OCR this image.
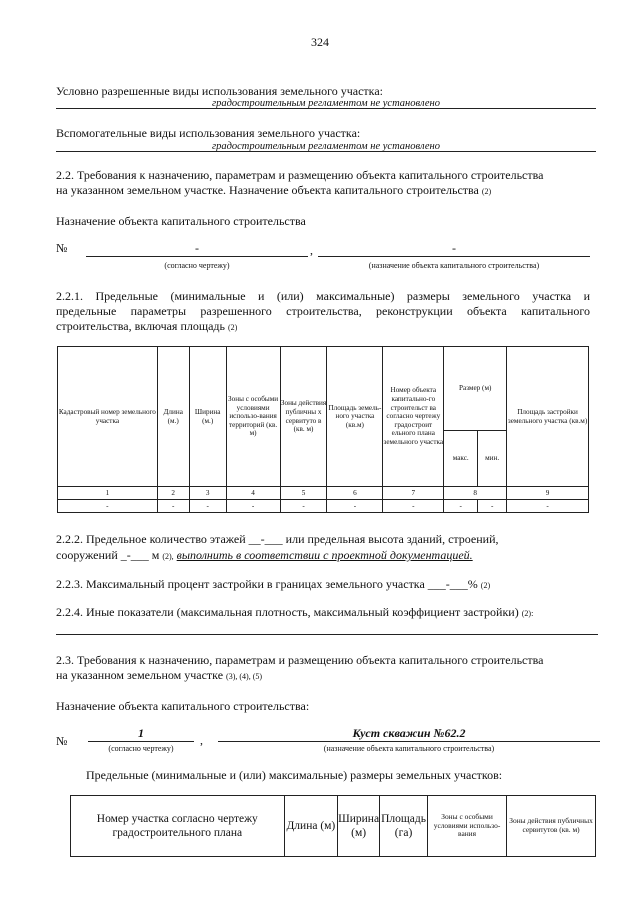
324
Условно разрешенные виды использования земельного участка:
градостроительным регламентом не установлено
Вспомогательные виды использования земельного участка:
градостроительным регламентом не установлено
2.2. Требования к назначению, параметрам и размещению объекта капитального строительства
на указанном земельном участке. Назначение объекта капитального строительства (2)
Назначение объекта капитального строительства
№	-	,	-
(согласно чертежу)	(назначение объекта капитального строительства)
2.2.1. Предельные (минимальные и (или) максимальные) размеры земельного участка и
предельные параметры разрешенного строительства, реконструкции объекта капитального
строительства, включая площадь (2)
Кадастровый номер земельного участка	Длина (м.)	Ширина (м.)	Зоны с особыми условиями использо-вания территорий (кв. м)	Зоны действия публичны х сервитуто в (кв. м)	Площадь земель-ного участка (кв.м)	Номер объекта капитально-го строительст ва согласно чертежу градостроит ельного плана земельного участка	Размер (м)		Площадь застройки земельного участка (кв.м)
							макс.	мин.	
1	2	3	4	5	6	7	8		9
-	-	-	-	-	-	-	-	-	-
2.2.2. Предельное количество этажей __-___ или предельная высота зданий, строений,
сооружений _-___ м (2), выполнить в соответствии с проектной документацией.
2.2.3. Максимальный процент застройки в границах земельного участка ___-___% (2)
2.2.4. Иные показатели (максимальная плотность, максимальный коэффициент застройки) (2):
2.3. Требования к назначению, параметрам и размещению объекта капитального строительства
на указанном земельном участке (3), (4), (5)
Назначение объекта капитального строительства:
№
1	,	Куст скважин №62.2
(согласно чертежу)	(назначение объекта капитального строительства)
Предельные (минимальные и (или) максимальные) размеры земельных участков:
Номер участка согласно чертежу градостроительного плана	Длина (м)	Ширина (м)	Площадь (га)	Зоны с особыми условиями использо-вания	Зоны действия публичных сервитутов (кв. м)
